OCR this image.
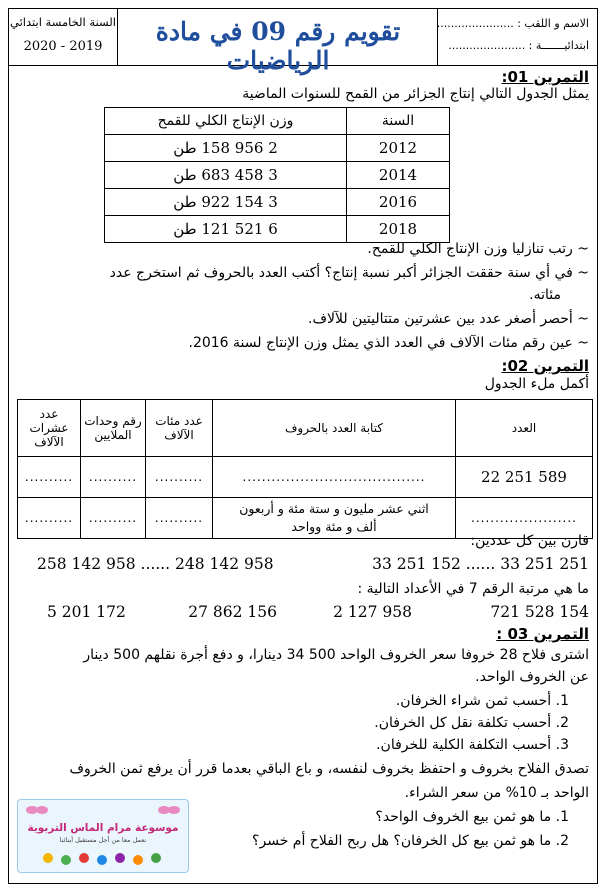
السنة الخامسة ابتدائي
2020 - 2019
تقويم رقم 09 في مادة الرياضيات
الاسم و اللقب : ......................
ابتدائيـــــــة : ......................
التمرين 01:
يمثل الجدول التالي إنتاج الجزائر من القمح للسنوات الماضية
السنة	وزن الإنتاج الكلي للقمح
2012	2 956 158 طن
2014	3 458 683 طن
2016	3 154 922 طن
2018	6 521 121 طن
~ رتب تنازليا وزن الإنتاج الكلي للقمح.
~ في أي سنة حققت الجزائر أكبر نسبة إنتاج؟ أكتب العدد بالحروف ثم استخرج عدد
مئاته.
~ أحصر أصغر عدد بين عشرتين متتاليتين للآلاف.
~ عين رقم مئات الآلاف في العدد الذي يمثل وزن الإنتاج لسنة 2016.
التمرين 02:
أكمل ملء الجدول
العدد	كتابة العدد بالحروف	عدد مئات الآلاف	رقم وحدات الملايين	عدد عشرات الآلاف
22 251 589	......................................	..........	..........	..........
......................	اثني عشر مليون و ستة مئة و أربعون
ألف و مئة وواحد	..........	..........	..........
قارن بين كل عددين:
33 251 152 ...... 33 251 251
258 142 958 ...... 248 142 958
ما هي مرتبة الرقم 7 في الأعداد التالية :
721 528 154
2 127 958
27 862 156
5 201 172
التمرين 03 :
اشترى فلاح 28 خروفا سعر الخروف الواحد 500 34 دينارا، و دفع أجرة نقلهم 500 دينار
عن الخروف الواحد.
1. أحسب ثمن شراء الخرفان.
2. أحسب تكلفة نقل كل الخرفان.
3. أحسب التكلفة الكلية للخرفان.
تصدق الفلاح بخروف و احتفظ بخروف لنفسه، و باع الباقي بعدما قرر أن يرفع ثمن الخروف
الواحد بـ 10% من سعر الشراء.
1. ما هو ثمن بيع الخروف الواحد؟
2. ما هو ثمن بيع كل الخرفان؟ هل ربح الفلاح أم خسر؟
موسوعة مرام الماس التربوية
نعمل معا من أجل مستقبل أبنائنا
